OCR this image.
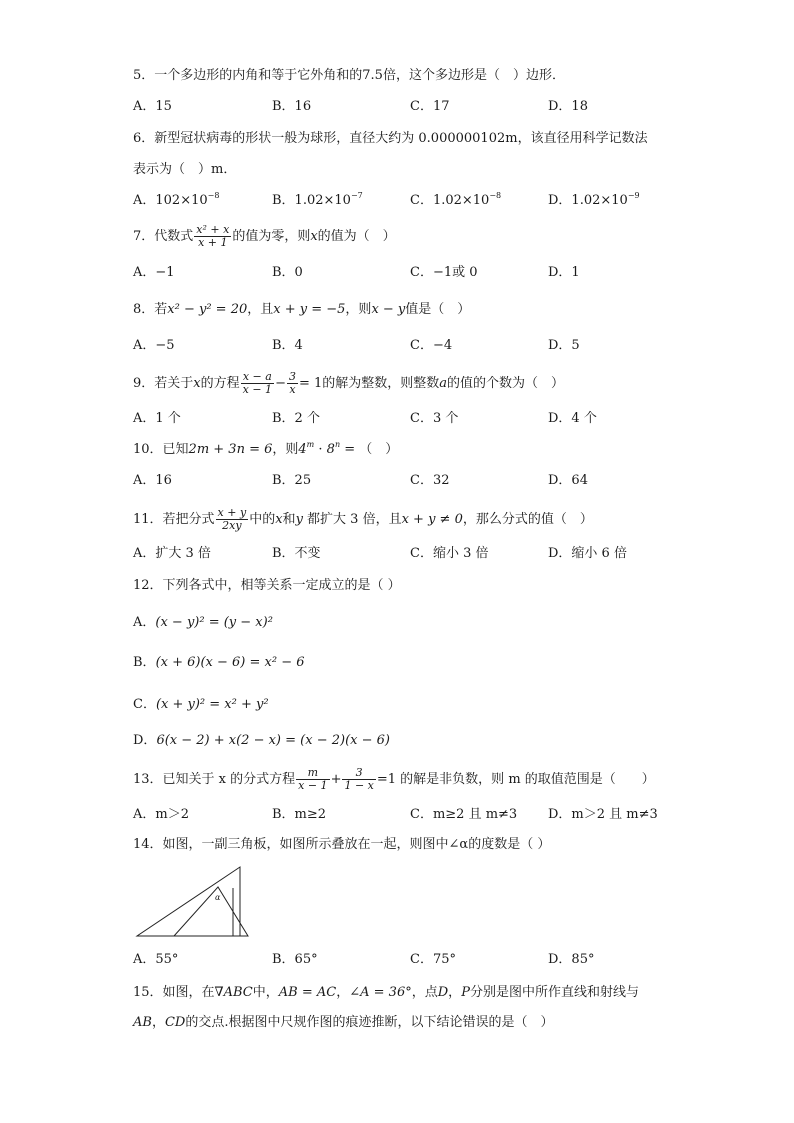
5．一个多边形的内角和等于它外角和的7.5倍，这个多边形是（　）边形．
A．15	B．16	C．17	D．18
6．新型冠状病毒的形状一般为球形，直径大约为 0.000000102m，该直径用科学记数法
表示为（　）m．
A．$102\times 10^{-8}$	B．$1.02\times 10^{-7}$	C．$1.02\times 10^{-8}$	D．$1.02\times 10^{-9}$
7．代数式 $\frac{\text{x² + x}}{x + 1}$ 的值为零，则x的值为（　）
A．−1	B．0	C．−1或 0	D．1
8．若x² − y² = 20，且x + y = −5，则x − y值是（　）
A．−5	B．4	C．−4	D．5
9．若关于x的方程 $\frac{x - a}{x - 1} - \frac{3}{x} = 1$的解为整数，则整数a的值的个数为（　）
A．1 个	B．2 个	C．3 个	D．4 个
10．已知2m + 3n = 6，则$4^m \cdot 8^n$ = （　）
A．16	B．25	C．32	D．64
11．若把分式 $\frac{x + y}{2xy}$ 中的x和y 都扩大 3 倍，且x + y ≠ 0，那么分式的值（　）
A．扩大 3 倍	B．不变	C．缩小 3 倍	D．缩小 6 倍
12．下列各式中，相等关系一定成立的是（ ）
A．(x − y)² = (y − x)²
B．(x + 6)(x − 6) = x² − 6
C．(x + y)² = x² + y²
D．6(x − 2) + x(2 − x) = (x − 2)(x − 6)
13．已知关于 x 的分式方程 $\frac{m}{x - 1} + \frac{3}{1 - x} =1$ 的解是非负数，则 m 的取值范围是（　　）
A．m＞2	B．m≥2	C．m≥2 且 m≠3 D．m＞2 且 m≠3
14．如图，一副三角板，如图所示叠放在一起，则图中∠α的度数是（ ）
α
A．55°	B．65°	C．75°	D．85°
15．如图，在∇ABC中，AB = AC，∠A = 36°，点D，P分别是图中所作直线和射线与
AB，CD的交点.根据图中尺规作图的痕迹推断，以下结论错误的是（　）
